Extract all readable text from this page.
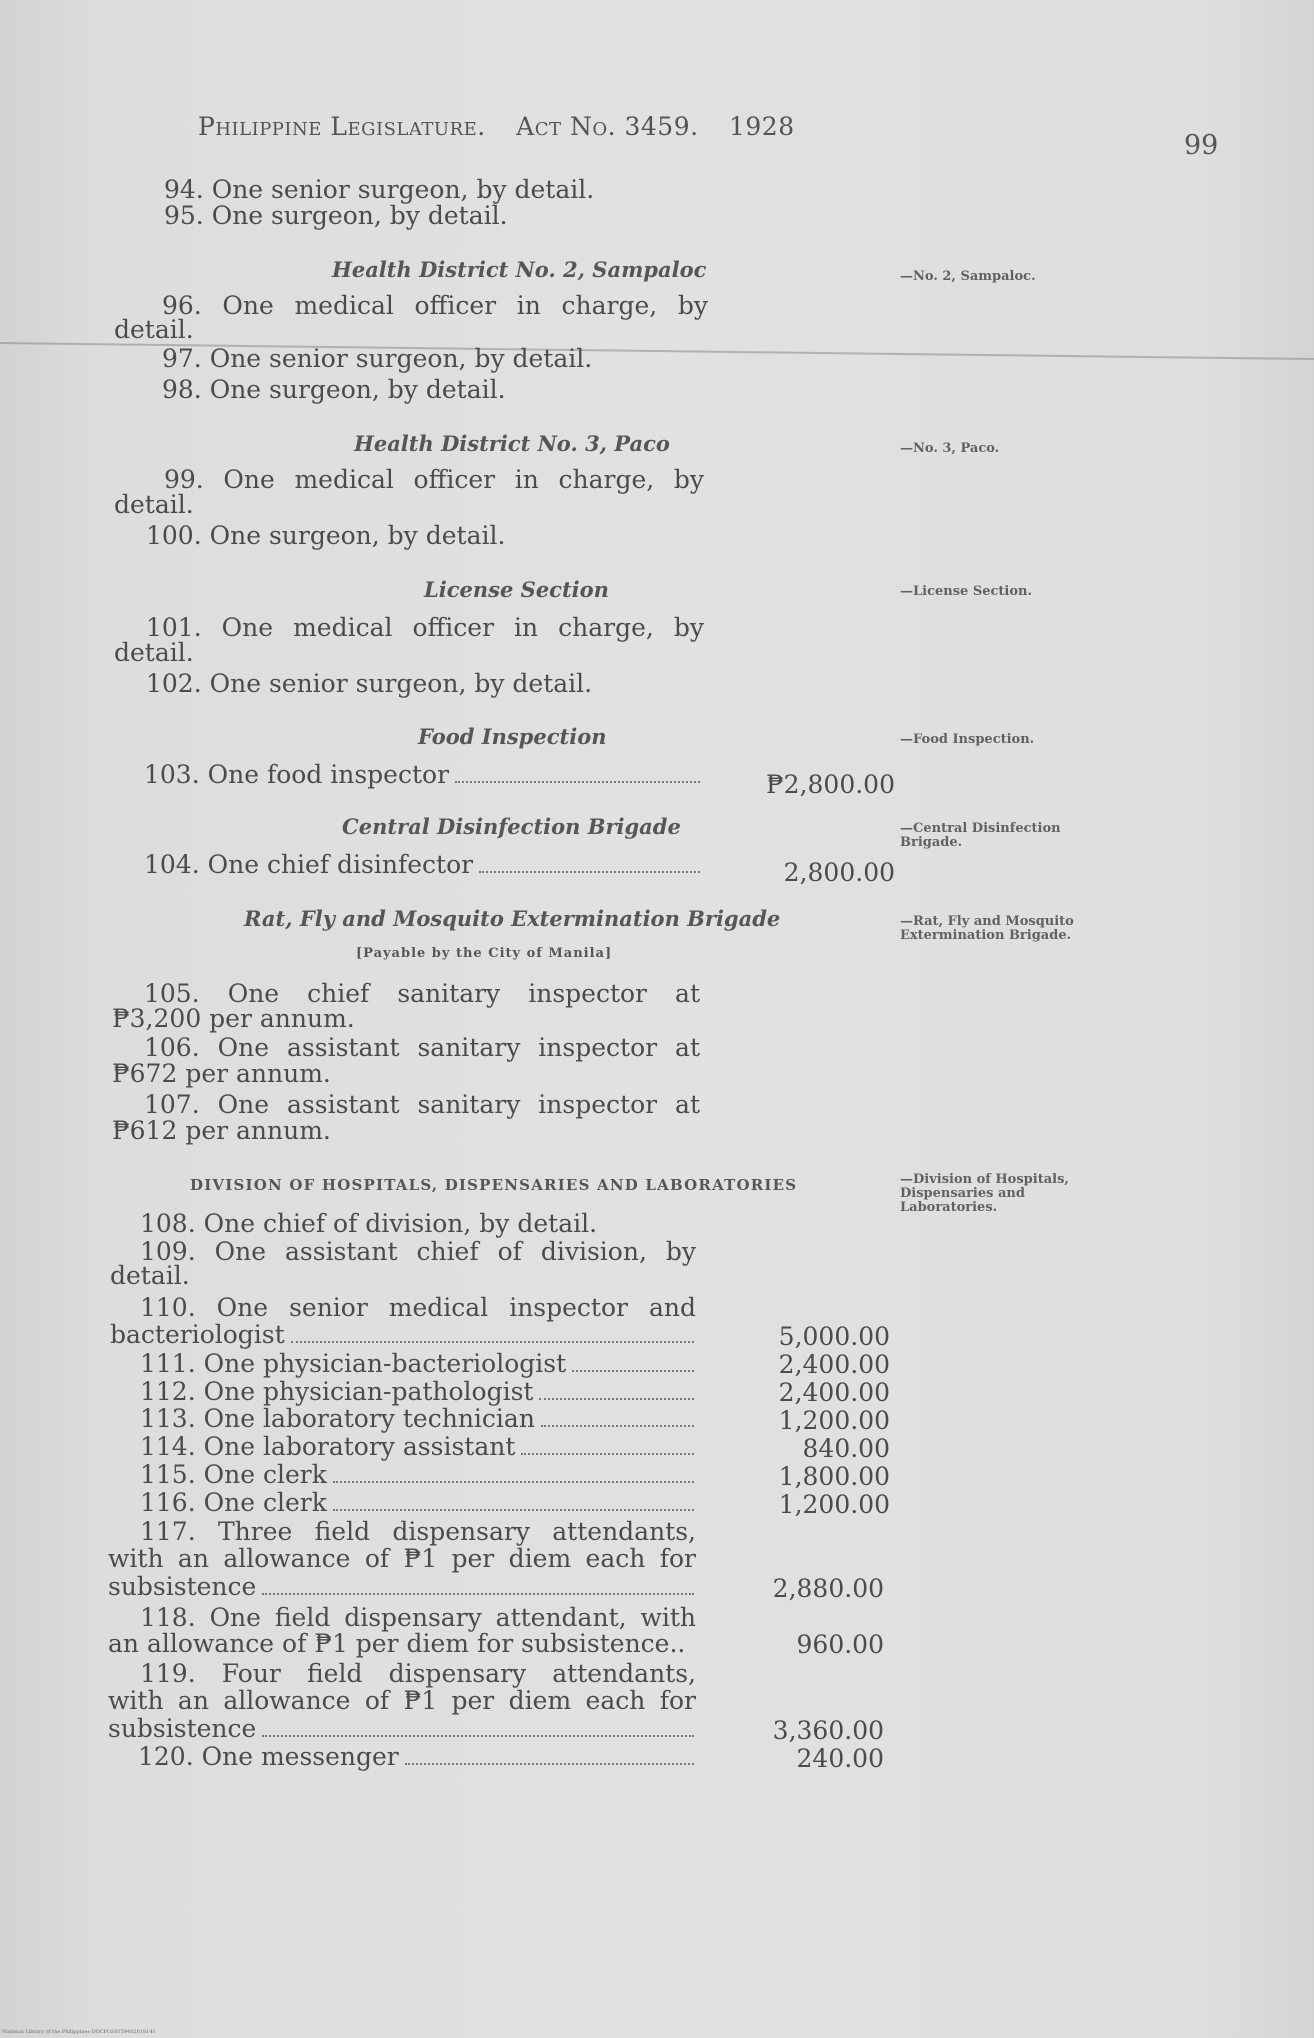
Philippine Legislature. Act No. 3459. 1928
99
94. One senior surgeon, by detail.
95. One surgeon, by detail.
Health District No. 2, Sampaloc	—No. 2, Sampaloc.
96. One medical officer in charge, by
detail.
97. One senior surgeon, by detail.
98. One surgeon, by detail.
Health District No. 3, Paco	—No. 3, Paco.
99. One medical officer in charge, by
detail.
100. One surgeon, by detail.
License Section	—License Section.
101. One medical officer in charge, by
detail.
102. One senior surgeon, by detail.
Food Inspection	—Food Inspection.
103. One food inspector	₱2,800.00
Central Disinfection Brigade	—Central Disinfection Brigade.
104. One chief disinfector	2,800.00
Rat, Fly and Mosquito Extermination Brigade
[Payable by the City of Manila]
—Rat, Fly and Mosquito Extermination Brigade.
105. One chief sanitary inspector at
₱3,200 per annum.
106. One assistant sanitary inspector at
₱672 per annum.
107. One assistant sanitary inspector at
₱612 per annum.
DIVISION OF HOSPITALS, DISPENSARIES AND LABORATORIES	—Division of Hospitals, Dispensaries and Laboratories.
108. One chief of division, by detail.
109. One assistant chief of division, by
detail.
110. One senior medical inspector and
bacteriologist	5,000.00
111. One physician-bacteriologist	2,400.00
112. One physician-pathologist	2,400.00
113. One laboratory technician	1,200.00
114. One laboratory assistant	840.00
115. One clerk	1,800.00
116. One clerk	1,200.00
117. Three field dispensary attendants,
with an allowance of ₱1 per diem each for
subsistence	2,880.00
118. One field dispensary attendant, with
an allowance of ₱1 per diem for subsistence..	960.00
119. Four field dispensary attendants,
with an allowance of ₱1 per diem each for
subsistence	3,360.00
120. One messenger	240.00
National Library of the Philippines DOCPGS0159402018141
